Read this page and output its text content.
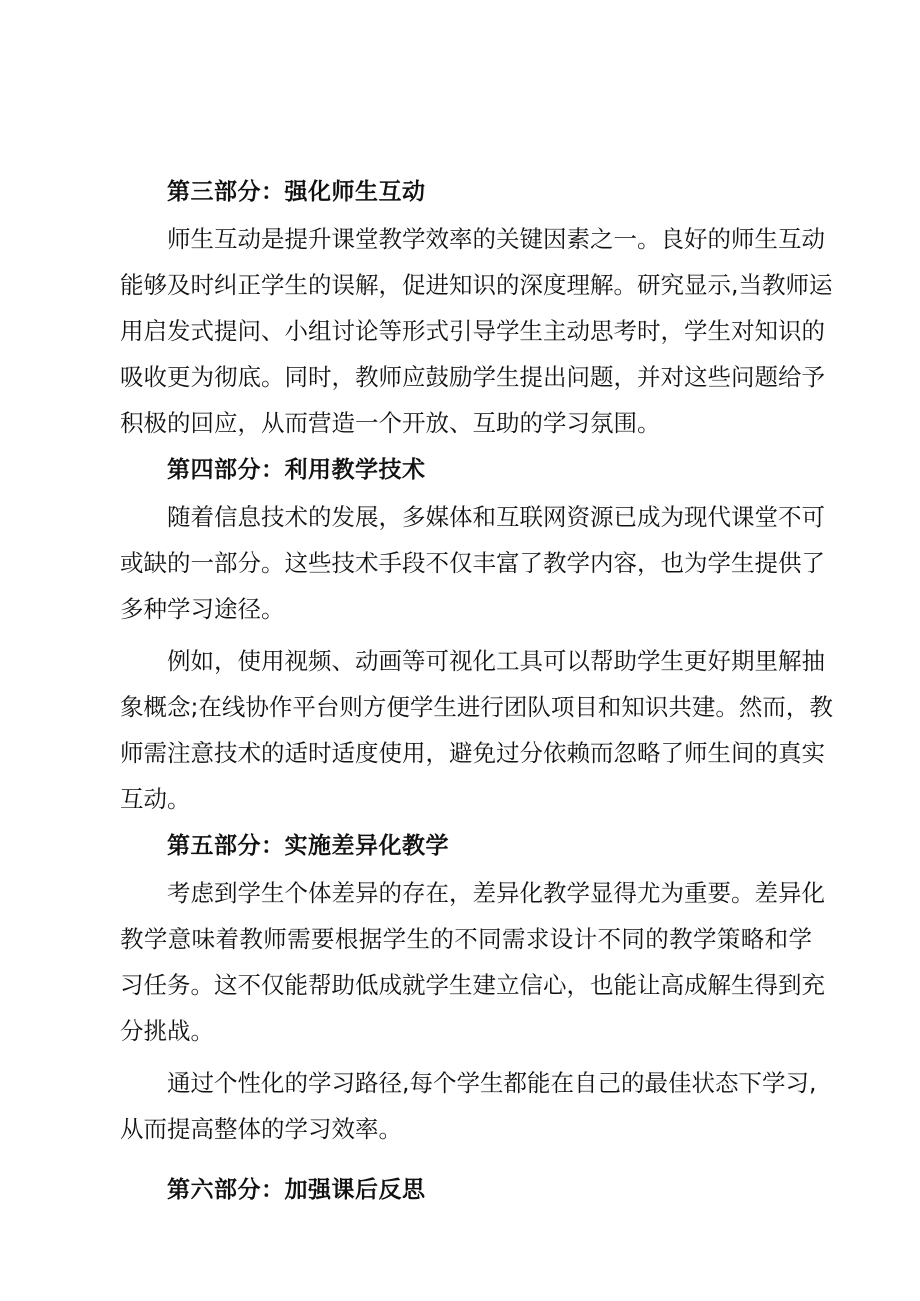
第三部分：强化师生互动
师生互动是提升课堂教学效率的关键因素之一。良好的师生互动
能够及时纠正学生的误解，促进知识的深度理解。研究显示,当教师运
用启发式提问、小组讨论等形式引导学生主动思考时，学生对知识的
吸收更为彻底。同时，教师应鼓励学生提出问题，并对这些问题给予
积极的回应，从而营造一个开放、互助的学习氛围。
第四部分：利用教学技术
随着信息技术的发展，多媒体和互联网资源已成为现代课堂不可
或缺的一部分。这些技术手段不仅丰富了教学内容，也为学生提供了
多种学习途径。
例如，使用视频、动画等可视化工具可以帮助学生更好期里解抽
象概念;在线协作平台则方便学生进行团队项目和知识共建。然而，教
师需注意技术的适时适度使用，避免过分依赖而忽略了师生间的真实
互动。
第五部分：实施差异化教学
考虑到学生个体差异的存在，差异化教学显得尤为重要。差异化
教学意味着教师需要根据学生的不同需求设计不同的教学策略和学
习任务。这不仅能帮助低成就学生建立信心，也能让高成解生得到充
分挑战。
通过个性化的学习路径,每个学生都能在自己的最佳状态下学习,
从而提高整体的学习效率。
第六部分：加强课后反思
